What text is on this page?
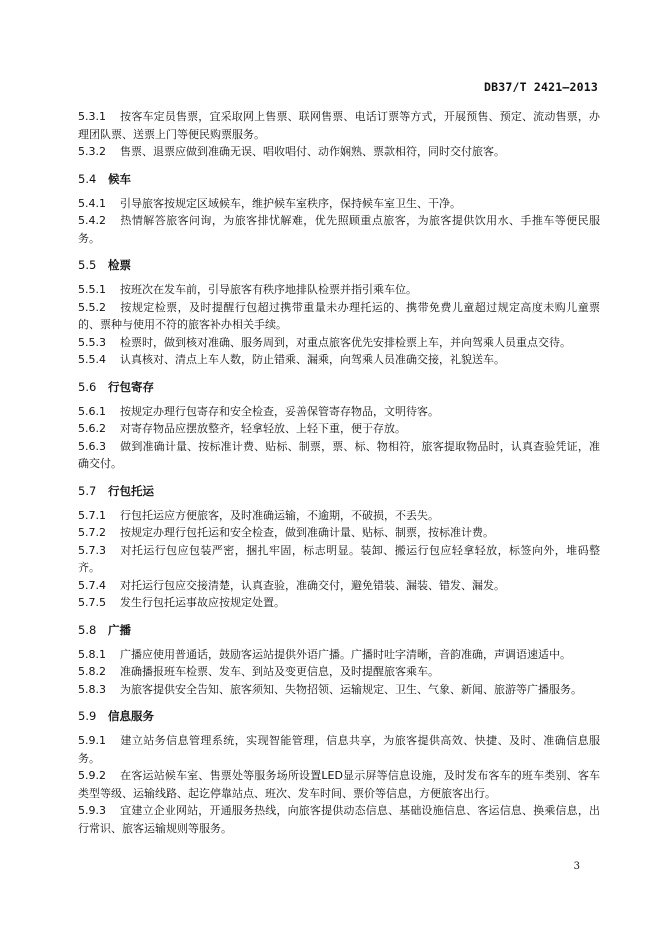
DB37/T 2421—2013
5.3.1 按客车定员售票，宜采取网上售票、联网售票、电话订票等方式，开展预售、预定、流动售票，办理团队票、送票上门等便民购票服务。
5.3.2 售票、退票应做到准确无误、唱收唱付、动作娴熟、票款相符，同时交付旅客。
5.4 候车
5.4.1 引导旅客按规定区域候车，维护候车室秩序，保持候车室卫生、干净。
5.4.2 热情解答旅客问询，为旅客排忧解难，优先照顾重点旅客，为旅客提供饮用水、手推车等便民服务。
5.5 检票
5.5.1 按班次在发车前，引导旅客有秩序地排队检票并指引乘车位。
5.5.2 按规定检票，及时提醒行包超过携带重量未办理托运的、携带免费儿童超过规定高度未购儿童票的、票种与使用不符的旅客补办相关手续。
5.5.3 检票时，做到核对准确、服务周到，对重点旅客优先安排检票上车，并向驾乘人员重点交待。
5.5.4 认真核对、清点上车人数，防止错乘、漏乘，向驾乘人员准确交接，礼貌送车。
5.6 行包寄存
5.6.1 按规定办理行包寄存和安全检查，妥善保管寄存物品，文明待客。
5.6.2 对寄存物品应摆放整齐，轻拿轻放、上轻下重，便于存放。
5.6.3 做到准确计量、按标准计费、贴标、制票，票、标、物相符，旅客提取物品时，认真查验凭证，准确交付。
5.7 行包托运
5.7.1 行包托运应方便旅客，及时准确运输，不逾期，不破损，不丢失。
5.7.2 按规定办理行包托运和安全检查，做到准确计量、贴标、制票，按标准计费。
5.7.3 对托运行包应包装严密，捆扎牢固，标志明显。装卸、搬运行包应轻拿轻放，标签向外，堆码整齐。
5.7.4 对托运行包应交接清楚，认真查验，准确交付，避免错装、漏装、错发、漏发。
5.7.5 发生行包托运事故应按规定处置。
5.8 广播
5.8.1 广播应使用普通话，鼓励客运站提供外语广播。广播时吐字清晰，音韵准确，声调语速适中。
5.8.2 准确播报班车检票、发车、到站及变更信息，及时提醒旅客乘车。
5.8.3 为旅客提供安全告知、旅客须知、失物招领、运输规定、卫生、气象、新闻、旅游等广播服务。
5.9 信息服务
5.9.1 建立站务信息管理系统，实现智能管理，信息共享，为旅客提供高效、快捷、及时、准确信息服务。
5.9.2 在客运站候车室、售票处等服务场所设置LED显示屏等信息设施，及时发布客车的班车类别、客车类型等级、运输线路、起讫停靠站点、班次、发车时间、票价等信息，方便旅客出行。
5.9.3 宜建立企业网站，开通服务热线，向旅客提供动态信息、基础设施信息、客运信息、换乘信息，出行常识、旅客运输规则等服务。
3
